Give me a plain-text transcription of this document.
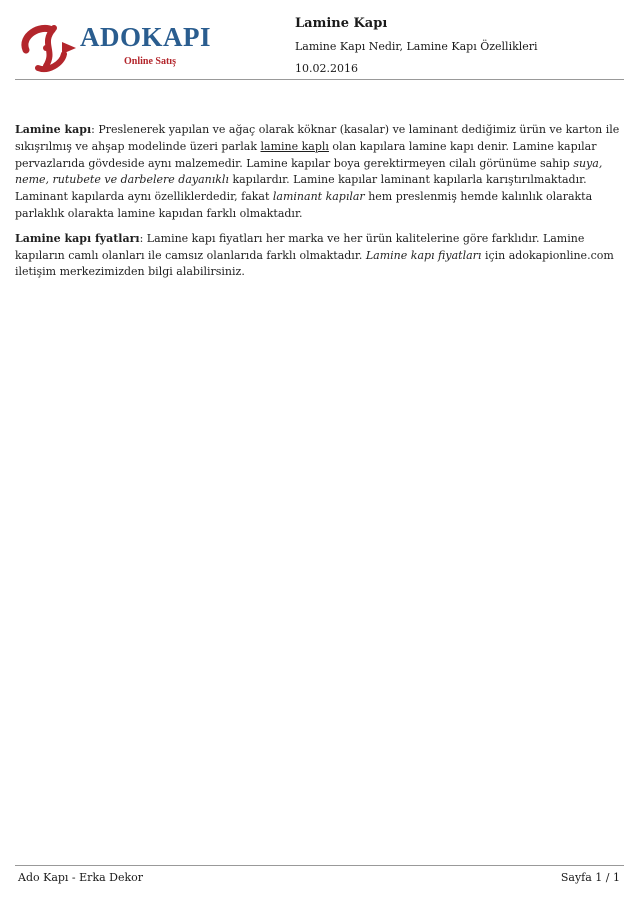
ADOKAPI
Online Satış
Lamine Kapı
Lamine Kapı Nedir, Lamine Kapı Özellikleri
10.02.2016

Lamine kapı: Preslenerek yapılan ve ağaç olarak köknar (kasalar) ve laminant dediğimiz ürün ve karton ile sıkışrılmış ve ahşap modelinde üzeri parlak lamine kaplı olan kapılara lamine kapı denir. Lamine kapılar pervazlarıda gövdeside aynı malzemedir. Lamine kapılar boya gerektirmeyen cilalı görünüme sahip suya, neme, rutubete ve darbelere dayanıklı kapılardır. Lamine kapılar laminant kapılarla karıştırılmaktadır. Laminant kapılarda aynı özelliklerdedir, fakat laminant kapılar hem preslenmiş hemde kalınlık olarakta parlaklık olarakta lamine kapıdan farklı olmaktadır.

Lamine kapı fyatları: Lamine kapı fiyatları her marka ve her ürün kalitelerine göre farklıdır. Lamine kapıların camlı olanları ile camsız olanlarıda farklı olmaktadır. Lamine kapı fiyatları için adokapionline.com iletişim merkezimizden bilgi alabilirsiniz.

Ado Kapı - Erka Dekor	Sayfa 1 / 1
